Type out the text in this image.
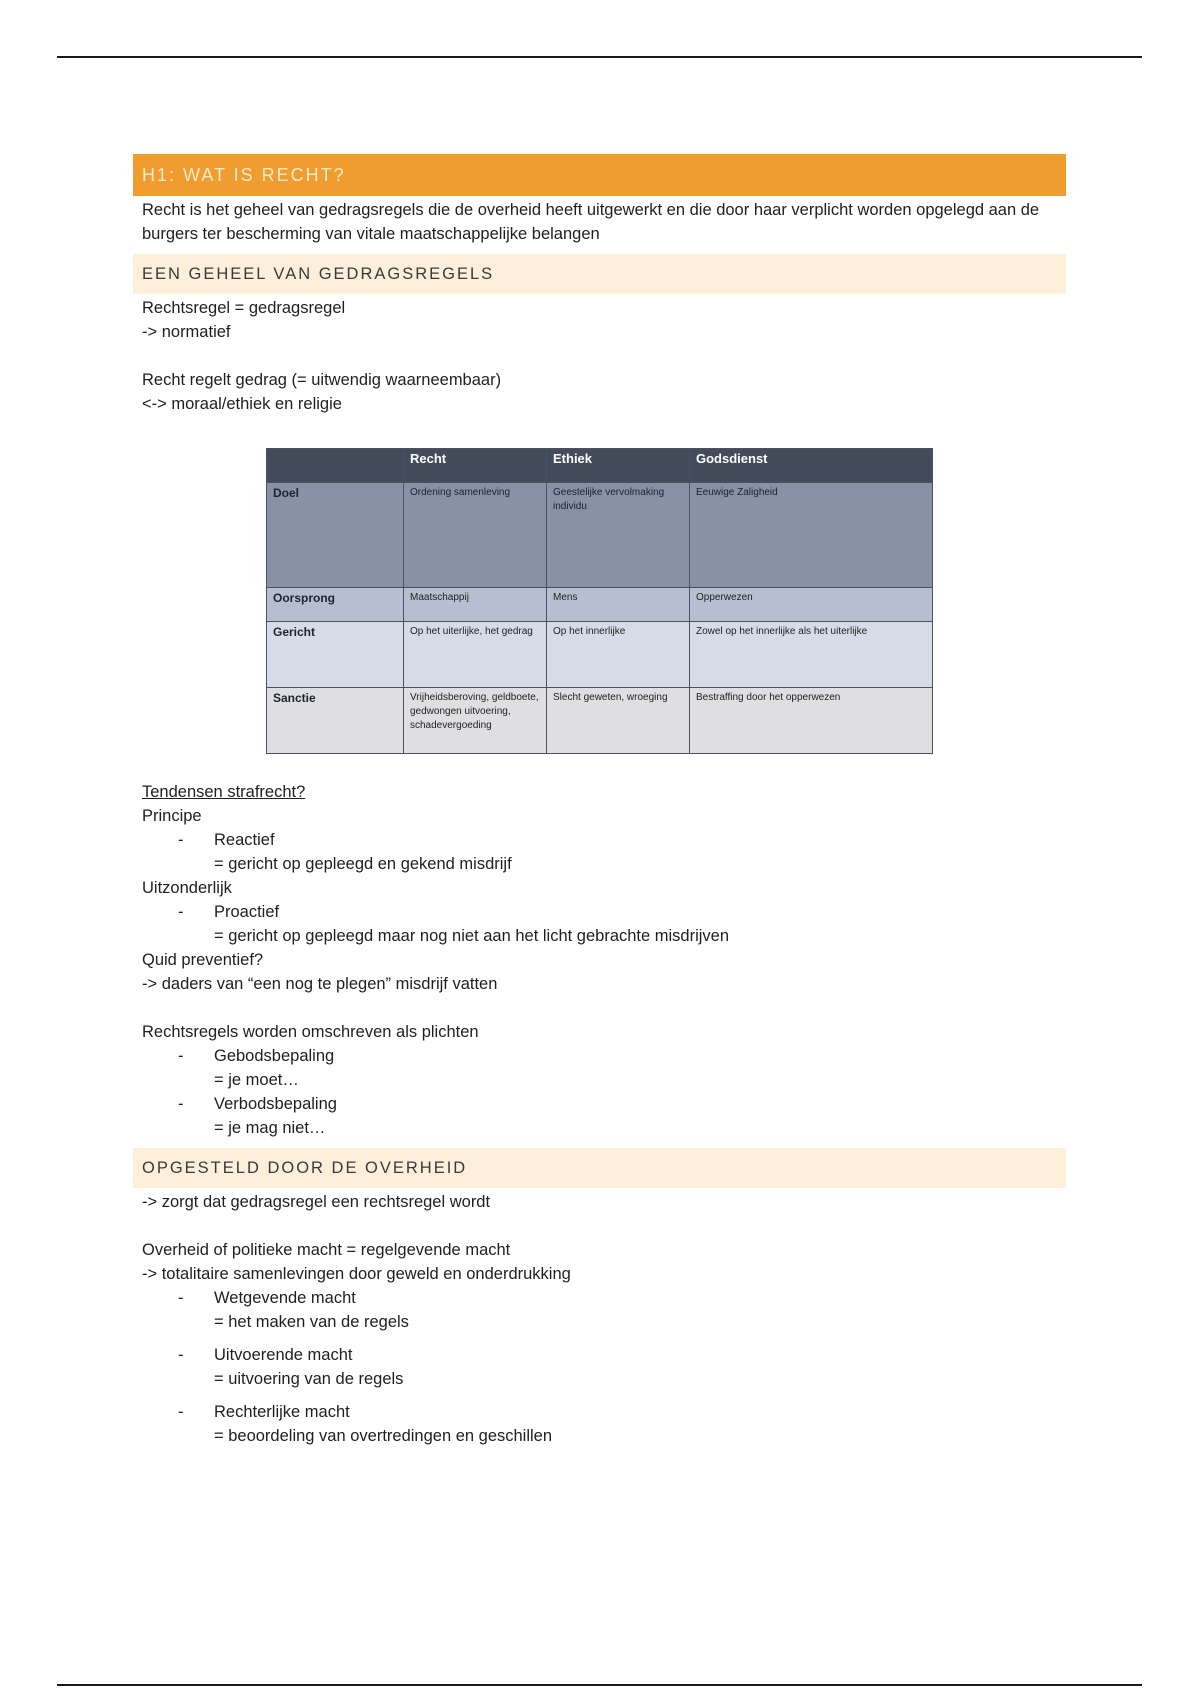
H1: WAT IS RECHT?
Recht is het geheel van gedragsregels die de overheid heeft uitgewerkt en die door haar verplicht worden opgelegd aan de burgers ter bescherming van vitale maatschappelijke belangen
EEN GEHEEL VAN GEDRAGSREGELS
Rechtsregel = gedragsregel
-> normatief
Recht regelt gedrag (= uitwendig waarneembaar)
<-> moraal/ethiek en religie
	Recht	Ethiek	Godsdienst
Doel	Ordening samenleving	Geestelijke vervolmaking individu	Eeuwige Zaligheid
Oorsprong	Maatschappij	Mens	Opperwezen
Gericht	Op het uiterlijke, het gedrag	Op het innerlijke	Zowel op het innerlijke als het uiterlijke
Sanctie	Vrijheidsberoving, geldboete, gedwongen uitvoering, schadevergoeding	Slecht geweten, wroeging	Bestraffing door het opperwezen
Tendensen strafrecht?
Principe
- Reactief
= gericht op gepleegd en gekend misdrijf
Uitzonderlijk
- Proactief
= gericht op gepleegd maar nog niet aan het licht gebrachte misdrijven
Quid preventief?
-> daders van “een nog te plegen” misdrijf vatten
Rechtsregels worden omschreven als plichten
- Gebodsbepaling
= je moet…
- Verbodsbepaling
= je mag niet…
OPGESTELD DOOR DE OVERHEID
-> zorgt dat gedragsregel een rechtsregel wordt
Overheid of politieke macht = regelgevende macht
-> totalitaire samenlevingen door geweld en onderdrukking
- Wetgevende macht
= het maken van de regels
- Uitvoerende macht
= uitvoering van de regels
- Rechterlijke macht
= beoordeling van overtredingen en geschillen
